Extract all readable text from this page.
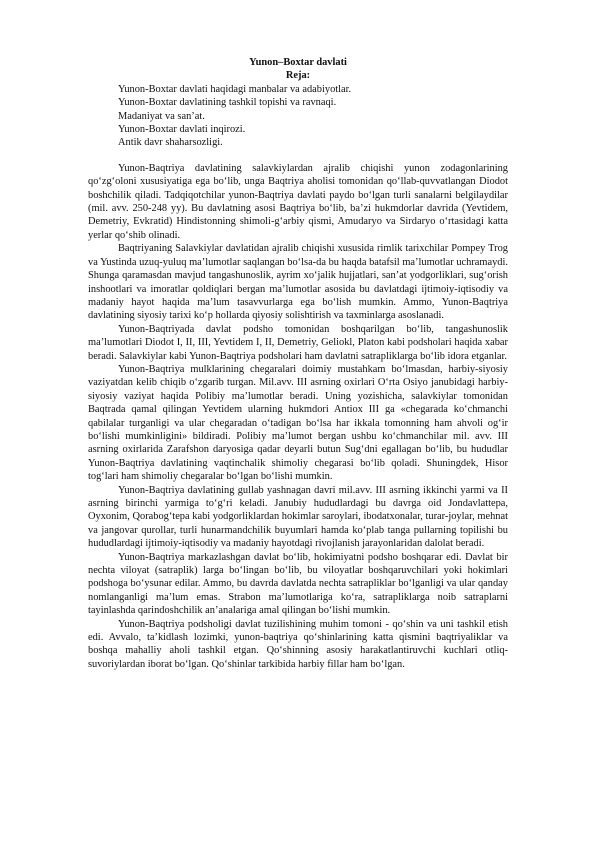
Yunon–Boxtar davlati

Reja:

Yunon-Boxtar davlati haqidagi manbalar va adabiyotlar.
Yunon-Boxtar davlatining tashkil topishi va ravnaqi.
Madaniyat va san’at.
Yunon-Boxtar davlati inqirozi.
Antik davr shaharsozligi.

Yunon-Baqtriya davlatining salavkiylardan ajralib chiqishi yunon zodagonlarining qo‘zg‘oloni xususiyatiga ega bo‘lib, unga Baqtriya aholisi tomonidan qo‘llab-quvvatlangan Diodot boshchilik qiladi. Tadqiqotchilar yunon-Baqtriya davlati paydo bo‘lgan turli sanalarni belgilaydilar (mil. avv. 250-248 yy). Bu davlatning asosi Baqtriya bo‘lib, ba’zi hukmdorlar davrida (Yevtidem, Demetriy, Evkratid) Hindistonning shimoli-g‘arbiy qismi, Amudaryo va Sirdaryo o‘rtasidagi katta yerlar qo‘shib olinadi.

Baqtriyaning Salavkiylar davlatidan ajralib chiqishi xususida rimlik tarixchilar Pompey Trog va Yustinda uzuq-yuluq ma’lumotlar saqlangan bo‘lsa-da bu haqda batafsil ma’lumotlar uchramaydi. Shunga qaramasdan mavjud tangashunoslik, ayrim xo‘jalik hujjatlari, san’at yodgorliklari, sug‘orish inshootlari va imoratlar qoldiqlari bergan ma’lumotlar asosida bu davlatdagi ijtimoiy-iqtisodiy va madaniy hayot haqida ma’lum tasavvurlarga ega bo‘lish mumkin. Ammo, Yunon-Baqtriya davlatining siyosiy tarixi ko‘p hollarda qiyosiy solishtirish va taxminlarga asoslanadi.

Yunon-Baqtriyada davlat podsho tomonidan boshqarilgan bo‘lib, tangashunoslik ma’lumotlari Diodot I, II, III, Yevtidem I, II, Demetriy, Geliokl, Platon kabi podsholari haqida xabar beradi. Salavkiylar kabi Yunon-Baqtriya podsholari ham davlatni satrapliklarga bo‘lib idora etganlar.

Yunon-Baqtriya mulklarining chegaralari doimiy mustahkam bo‘lmasdan, harbiy-siyosiy vaziyatdan kelib chiqib o‘zgarib turgan. Mil.avv. III asrning oxirlari O‘rta Osiyo janubidagi harbiy-siyosiy vaziyat haqida Polibiy ma’lumotlar beradi. Uning yozishicha, salavkiylar tomonidan Baqtrada qamal qilingan Yevtidem ularning hukmdori Antiox III ga «chegarada ko‘chmanchi qabilalar turganligi va ular chegaradan o‘tadigan bo‘lsa har ikkala tomonning ham ahvoli og‘ir bo‘lishi mumkinligini» bildiradi. Polibiy ma’lumot bergan ushbu ko‘chmanchilar mil. avv. III asrning oxirlarida Zarafshon daryosiga qadar deyarli butun Sug‘dni egallagan bo‘lib, bu hududlar Yunon-Baqtriya davlatining vaqtinchalik shimoliy chegarasi bo‘lib qoladi. Shuningdek, Hisor tog‘lari ham shimoliy chegaralar bo‘lgan bo‘lishi mumkin.

Yunon-Baqtriya davlatining gullab yashnagan davri mil.avv. III asrning ikkinchi yarmi va II asrning birinchi yarmiga to‘g‘ri keladi. Janubiy hududlardagi bu davrga oid Jondavlattepa, Oyxonim, Qorabog‘tepa kabi yodgorliklardan hokimlar saroylari, ibodatxonalar, turar-joylar, mehnat va jangovar qurollar, turli hunarmandchilik buyumlari hamda ko‘plab tanga pullarning topilishi bu hududlardagi ijtimoiy-iqtisodiy va madaniy hayotdagi rivojlanish jarayonlaridan dalolat beradi.

Yunon-Baqtriya markazlashgan davlat bo‘lib, hokimiyatni podsho boshqarar edi. Davlat bir nechta viloyat (satraplik) larga bo‘lingan bo‘lib, bu viloyatlar boshqaruvchilari yoki hokimlari podshoga bo‘ysunar edilar. Ammo, bu davrda davlatda nechta satrapliklar bo‘lganligi va ular qanday nomlanganligi ma’lum emas. Strabon ma’lumotlariga ko‘ra, satrapliklarga noib satraplarni tayinlashda qarindoshchilik an’analariga amal qilingan bo‘lishi mumkin.

Yunon-Baqtriya podsholigi davlat tuzilishining muhim tomoni - qo‘shin va uni tashkil etish edi. Avvalo, ta’kidlash lozimki, yunon-baqtriya qo‘shinlarining katta qismini baqtriyaliklar va boshqa mahalliy aholi tashkil etgan. Qo‘shinning asosiy harakatlantiruvchi kuchlari otliq-suvoriylardan iborat bo‘lgan. Qo‘shinlar tarkibida harbiy fillar ham bo‘lgan.
